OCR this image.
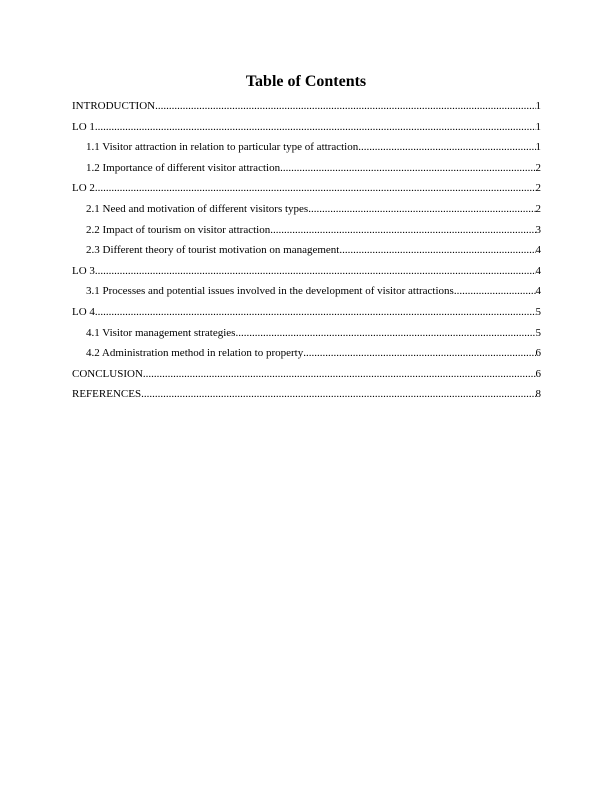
Table of Contents
INTRODUCTION .....	1
LO 1 .....	1
1.1 Visitor attraction in relation to particular type of attraction .....	1
1.2 Importance of different visitor attraction .....	2
LO 2 .....	2
2.1 Need and motivation of different visitors types .....	2
2.2 Impact of tourism on visitor attraction .....	3
2.3 Different theory of tourist motivation on management .....	4
LO 3 .....	4
3.1 Processes and potential issues involved in the development of visitor attractions .....	4
LO 4 .....	5
4.1 Visitor management strategies .....	5
4.2 Administration method in relation to property .....	6
CONCLUSION .....	6
REFERENCES .....	8
